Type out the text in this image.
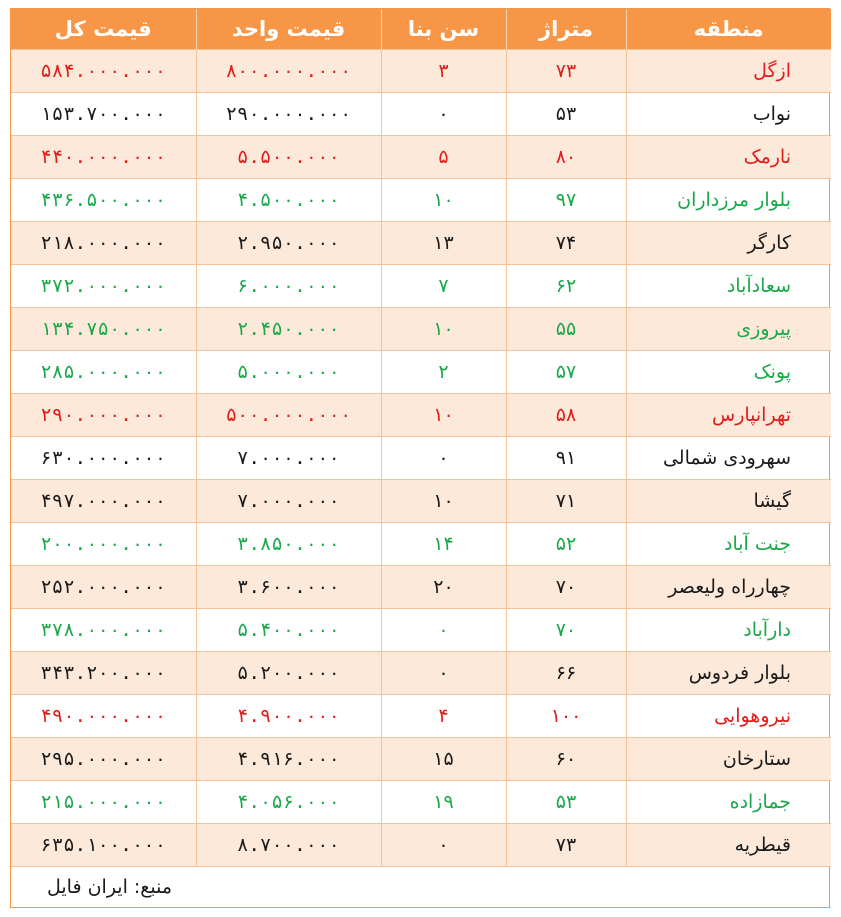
منطقه	متراژ	سن بنا	قیمت واحد	قیمت کل
ازگل	۷۳	۳	۸۰۰.۰۰۰.۰۰۰	۵۸۴.۰۰۰.۰۰۰
نواب	۵۳	۰	۲۹۰.۰۰۰.۰۰۰	۱۵۳.۷۰۰.۰۰۰
نارمک	۸۰	۵	۵.۵۰۰.۰۰۰	۴۴۰.۰۰۰.۰۰۰
بلوار مرزداران	۹۷	۱۰	۴.۵۰۰.۰۰۰	۴۳۶.۵۰۰.۰۰۰
کارگر	۷۴	۱۳	۲.۹۵۰.۰۰۰	۲۱۸.۰۰۰.۰۰۰
سعادآباد	۶۲	۷	۶.۰۰۰.۰۰۰	۳۷۲.۰۰۰.۰۰۰
پیروزی	۵۵	۱۰	۲.۴۵۰.۰۰۰	۱۳۴.۷۵۰.۰۰۰
پونک	۵۷	۲	۵.۰۰۰.۰۰۰	۲۸۵.۰۰۰.۰۰۰
تهرانپارس	۵۸	۱۰	۵۰۰.۰۰۰.۰۰۰	۲۹۰.۰۰۰.۰۰۰
سهرودی شمالی	۹۱	۰	۷.۰۰۰.۰۰۰	۶۳۰.۰۰۰.۰۰۰
گیشا	۷۱	۱۰	۷.۰۰۰.۰۰۰	۴۹۷.۰۰۰.۰۰۰
جنت آباد	۵۲	۱۴	۳.۸۵۰.۰۰۰	۲۰۰.۰۰۰.۰۰۰
چهارراه ولیعصر	۷۰	۲۰	۳.۶۰۰.۰۰۰	۲۵۲.۰۰۰.۰۰۰
دارآباد	۷۰	۰	۵.۴۰۰.۰۰۰	۳۷۸.۰۰۰.۰۰۰
بلوار فردوس	۶۶	۰	۵.۲۰۰.۰۰۰	۳۴۳.۲۰۰.۰۰۰
نیروهوایی	۱۰۰	۴	۴.۹۰۰.۰۰۰	۴۹۰.۰۰۰.۰۰۰
ستارخان	۶۰	۱۵	۴.۹۱۶.۰۰۰	۲۹۵.۰۰۰.۰۰۰
جمازاده	۵۳	۱۹	۴.۰۵۶.۰۰۰	۲۱۵.۰۰۰.۰۰۰
قیطریه	۷۳	۰	۸.۷۰۰.۰۰۰	۶۳۵.۱۰۰.۰۰۰
منبع: ایران فایل
